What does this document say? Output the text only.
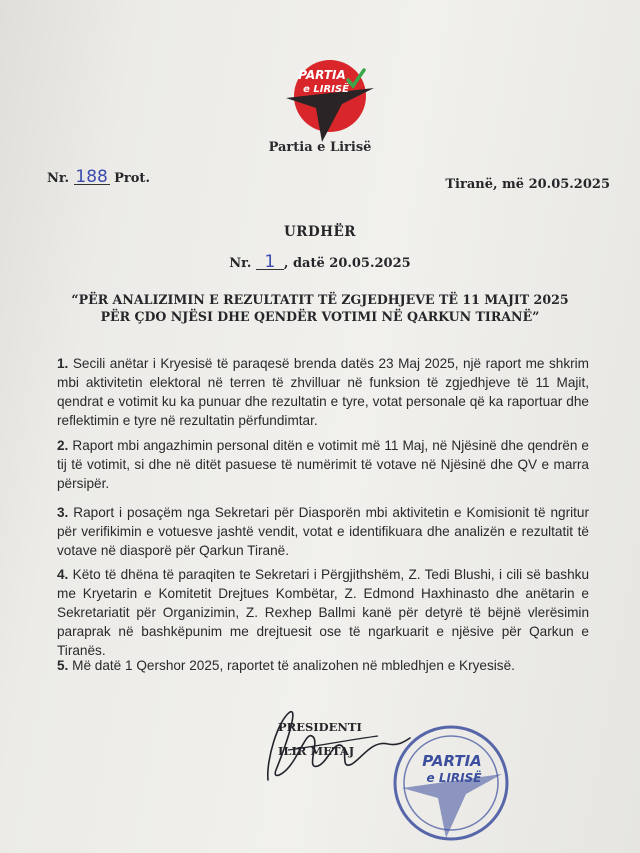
PARTIA
e LIRISË
Partia e Lirisë
Nr. 188 Prot.	Tiranë, më 20.05.2025
URDHËR
Nr. 1 , datë 20.05.2025
“PËR ANALIZIMIN E REZULTATIT TË ZGJEDHJEVE TË 11 MAJIT 2025
PËR ÇDO NJËSI DHE QENDËR VOTIMI NË QARKUN TIRANË”
1. Secili anëtar i Kryesisë të paraqesë brenda datës 23 Maj 2025, një raport me shkrim mbi aktivitetin elektoral në terren të zhvilluar në funksion të zgjedhjeve të 11 Majit, qendrat e votimit ku ka punuar dhe rezultatin e tyre, votat personale që ka raportuar dhe reflektimin e tyre në rezultatin përfundimtar.
2. Raport mbi angazhimin personal ditën e votimit më 11 Maj, në Njësinë dhe qendrën e tij të votimit, si dhe në ditët pasuese të numërimit të votave në Njësinë dhe QV e marra përsipër.
3. Raport i posaçëm nga Sekretari për Diasporën mbi aktivitetin e Komisionit të ngritur për verifikimin e votuesve jashtë vendit, votat e identifikuara dhe analizën e rezultatit të votave në diasporë për Qarkun Tiranë.
4. Këto të dhëna të paraqiten te Sekretari i Përgjithshëm, Z. Tedi Blushi, i cili së bashku me Kryetarin e Komitetit Drejtues Kombëtar, Z. Edmond Haxhinasto dhe anëtarin e Sekretariatit për Organizimin, Z. Rexhep Ballmi kanë për detyrë të bëjnë vlerësimin paraprak në bashkëpunim me drejtuesit ose të ngarkuarit e njësive për Qarkun e Tiranës.
5. Më datë 1 Qershor 2025, raportet të analizohen në mbledhjen e Kryesisë.
PRESIDENTI
ILIR METAJ
PARTIA
e LIRISË
